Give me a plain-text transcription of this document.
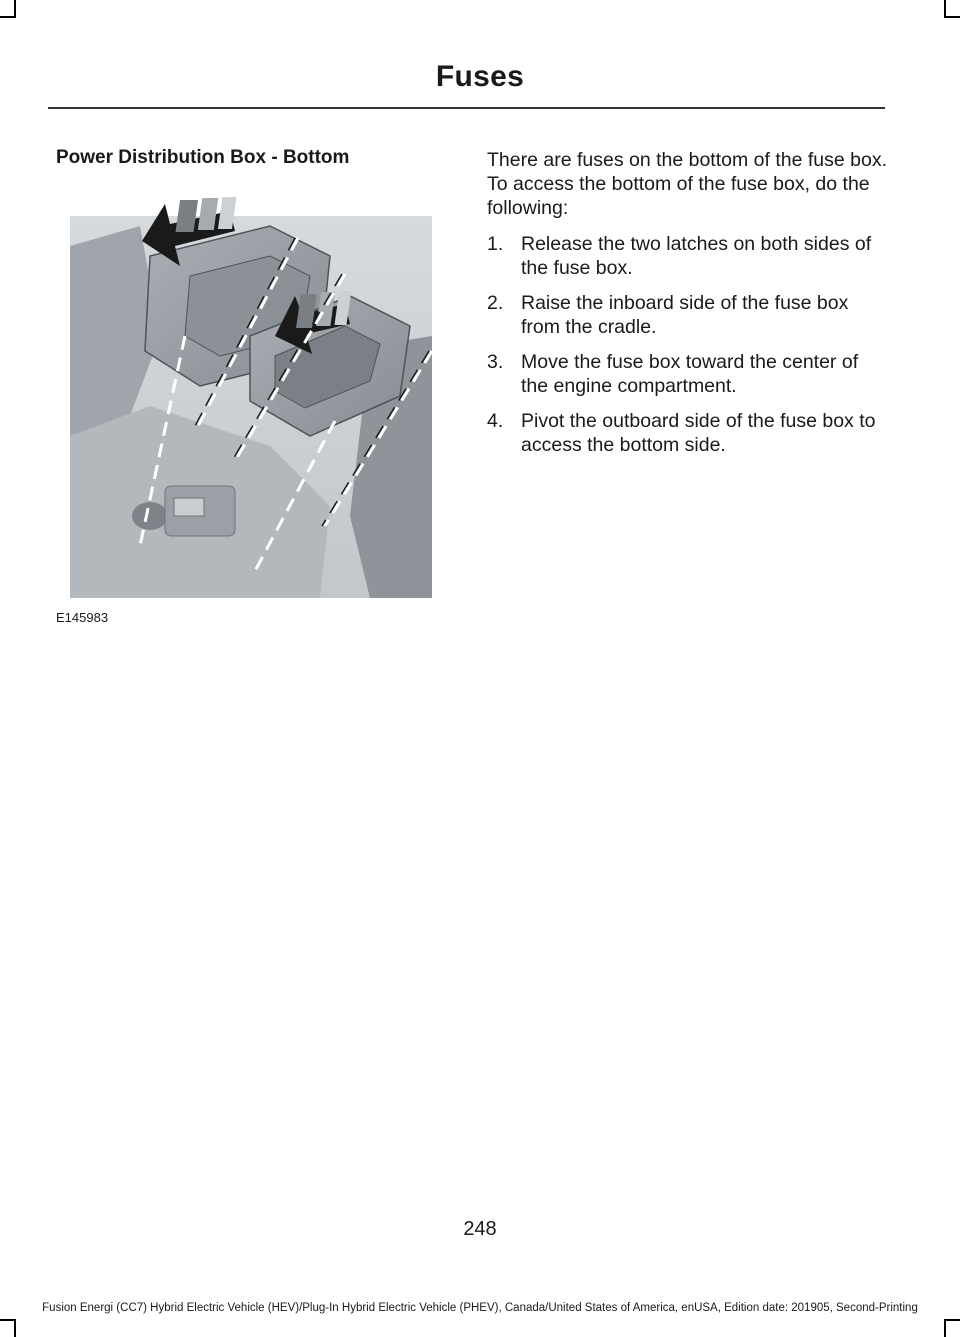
Fuses
Power Distribution Box - Bottom
E145983

There are fuses on the bottom of the fuse box. To access the bottom of the fuse box, do the following:

1. Release the two latches on both sides of the fuse box.
2. Raise the inboard side of the fuse box from the cradle.
3. Move the fuse box toward the center of the engine compartment.
4. Pivot the outboard side of the fuse box to access the bottom side.
248
Fusion Energi (CC7) Hybrid Electric Vehicle (HEV)/Plug-In Hybrid Electric Vehicle (PHEV), Canada/United States of America, enUSA, Edition date: 201905, Second-Printing
